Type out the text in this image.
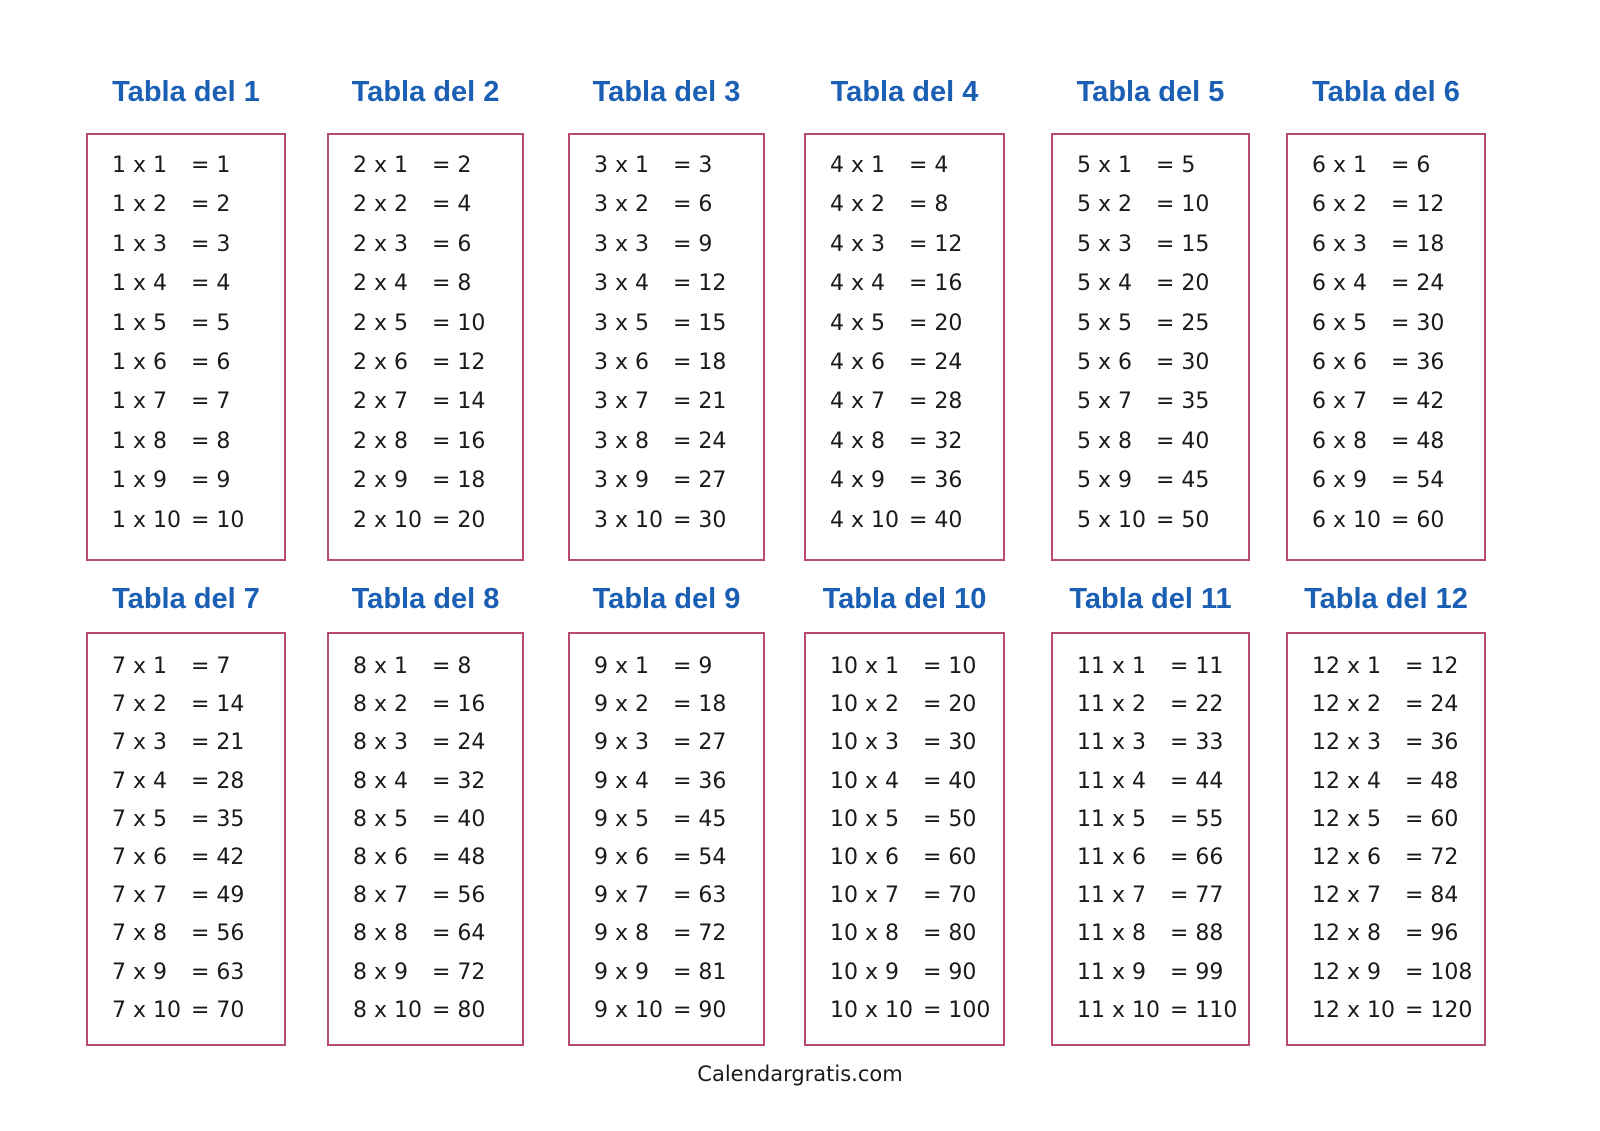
Tabla del 1
1 x 1 = 1
1 x 2 = 2
1 x 3 = 3
1 x 4 = 4
1 x 5 = 5
1 x 6 = 6
1 x 7 = 7
1 x 8 = 8
1 x 9 = 9
1 x 10 = 10
Tabla del 2
2 x 1 = 2
2 x 2 = 4
2 x 3 = 6
2 x 4 = 8
2 x 5 = 10
2 x 6 = 12
2 x 7 = 14
2 x 8 = 16
2 x 9 = 18
2 x 10 = 20
Tabla del 3
3 x 1 = 3
3 x 2 = 6
3 x 3 = 9
3 x 4 = 12
3 x 5 = 15
3 x 6 = 18
3 x 7 = 21
3 x 8 = 24
3 x 9 = 27
3 x 10 = 30
Tabla del 4
4 x 1 = 4
4 x 2 = 8
4 x 3 = 12
4 x 4 = 16
4 x 5 = 20
4 x 6 = 24
4 x 7 = 28
4 x 8 = 32
4 x 9 = 36
4 x 10 = 40
Tabla del 5
5 x 1 = 5
5 x 2 = 10
5 x 3 = 15
5 x 4 = 20
5 x 5 = 25
5 x 6 = 30
5 x 7 = 35
5 x 8 = 40
5 x 9 = 45
5 x 10 = 50
Tabla del 6
6 x 1 = 6
6 x 2 = 12
6 x 3 = 18
6 x 4 = 24
6 x 5 = 30
6 x 6 = 36
6 x 7 = 42
6 x 8 = 48
6 x 9 = 54
6 x 10 = 60
Tabla del 7
7 x 1 = 7
7 x 2 = 14
7 x 3 = 21
7 x 4 = 28
7 x 5 = 35
7 x 6 = 42
7 x 7 = 49
7 x 8 = 56
7 x 9 = 63
7 x 10 = 70
Tabla del 8
8 x 1 = 8
8 x 2 = 16
8 x 3 = 24
8 x 4 = 32
8 x 5 = 40
8 x 6 = 48
8 x 7 = 56
8 x 8 = 64
8 x 9 = 72
8 x 10 = 80
Tabla del 9
9 x 1 = 9
9 x 2 = 18
9 x 3 = 27
9 x 4 = 36
9 x 5 = 45
9 x 6 = 54
9 x 7 = 63
9 x 8 = 72
9 x 9 = 81
9 x 10 = 90
Tabla del 10
10 x 1 = 10
10 x 2 = 20
10 x 3 = 30
10 x 4 = 40
10 x 5 = 50
10 x 6 = 60
10 x 7 = 70
10 x 8 = 80
10 x 9 = 90
10 x 10 = 100
Tabla del 11
11 x 1 = 11
11 x 2 = 22
11 x 3 = 33
11 x 4 = 44
11 x 5 = 55
11 x 6 = 66
11 x 7 = 77
11 x 8 = 88
11 x 9 = 99
11 x 10 = 110
Tabla del 12
12 x 1 = 12
12 x 2 = 24
12 x 3 = 36
12 x 4 = 48
12 x 5 = 60
12 x 6 = 72
12 x 7 = 84
12 x 8 = 96
12 x 9 = 108
12 x 10 = 120
Calendargratis.com
